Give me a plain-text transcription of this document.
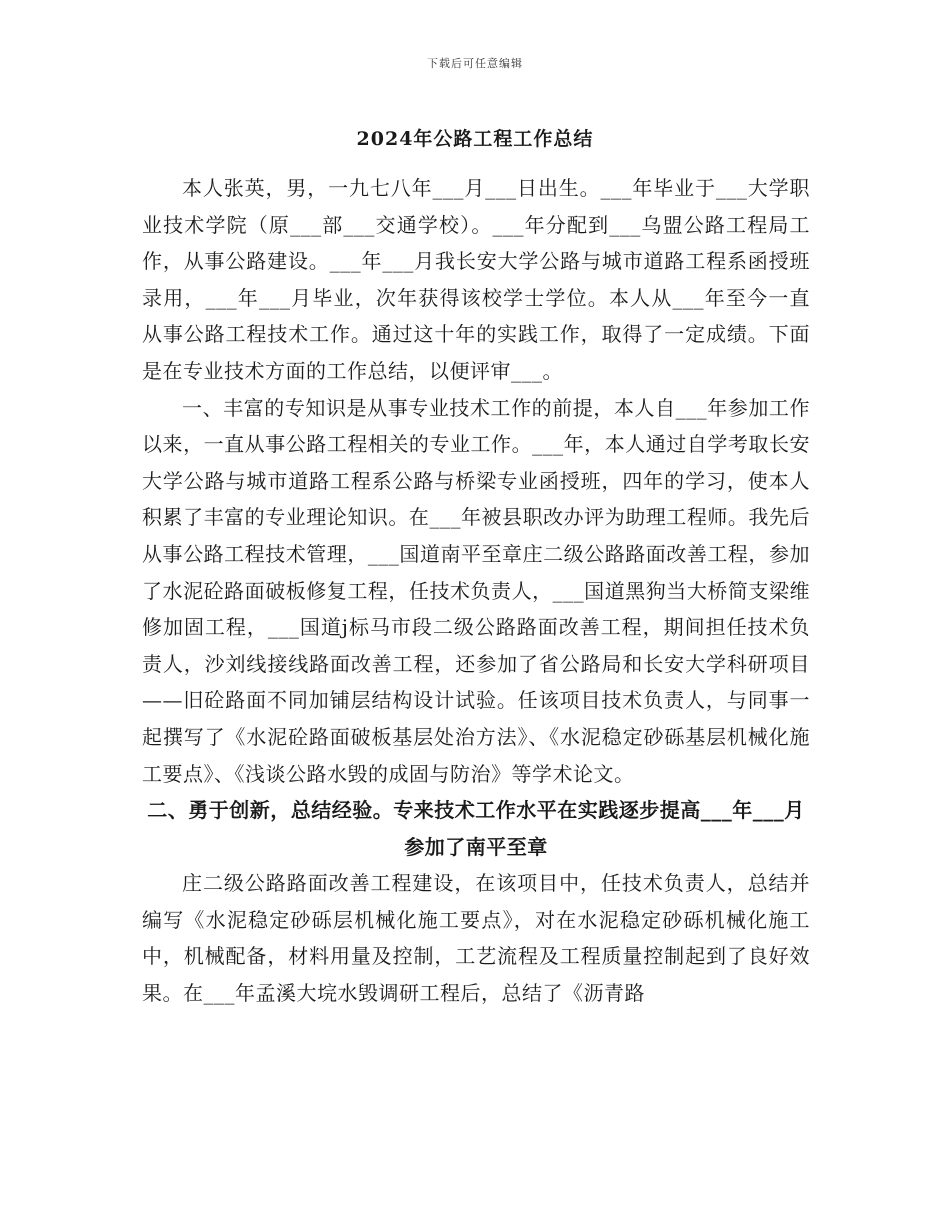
下载后可任意编辑
2024年公路工程工作总结

本人张英，男，一九七八年___月___日出生。___年毕业于___大学职业技术学院（原___部___交通学校）。___年分配到___乌盟公路工程局工作，从事公路建设。___年___月我长安大学公路与城市道路工程系函授班录用，___年___月毕业，次年获得该校学士学位。本人从___年至今一直从事公路工程技术工作。通过这十年的实践工作，取得了一定成绩。下面是在专业技术方面的工作总结，以便评审___。

一、丰富的专知识是从事专业技术工作的前提，本人自___年参加工作以来，一直从事公路工程相关的专业工作。___年，本人通过自学考取长安大学公路与城市道路工程系公路与桥梁专业函授班，四年的学习，使本人积累了丰富的专业理论知识。在___年被县职改办评为助理工程师。我先后从事公路工程技术管理，___国道南平至章庄二级公路路面改善工程，参加了水泥砼路面破板修复工程，任技术负责人，___国道黑狗当大桥简支梁维修加固工程，___国道j标马市段二级公路路面改善工程，期间担任技术负责人，沙刘线接线路面改善工程，还参加了省公路局和长安大学科研项目——旧砼路面不同加铺层结构设计试验。任该项目技术负责人，与同事一起撰写了《水泥砼路面破板基层处治方法》、《水泥稳定砂砾基层机械化施工要点》、《浅谈公路水毁的成固与防治》等学术论文。

二、勇于创新，总结经验。专来技术工作水平在实践逐步提高___年___月参加了南平至章

庄二级公路路面改善工程建设，在该项目中，任技术负责人，总结并编写《水泥稳定砂砾层机械化施工要点》，对在水泥稳定砂砾机械化施工中，机械配备，材料用量及控制，工艺流程及工程质量控制起到了良好效果。在___年孟溪大垸水毁调研工程后，总结了《沥青路
